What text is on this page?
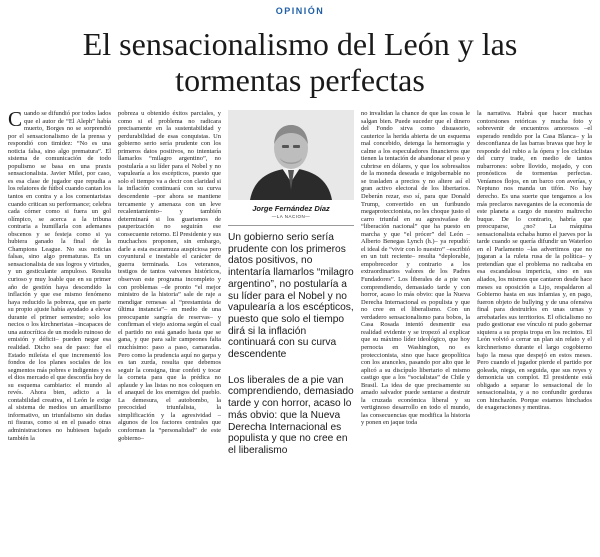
OPINIÓN
El sensacionalismo del León y las tormentas perfectas

Cuando se difundió por todos lados que el autor de “El Aleph” había muerto, Borges no se sorprendió por el sensacionalismo de la prensa y respondió con timidez: “No es una noticia falsa, sino algo prematura”. El sistema de comunicación de todo populismo se basa en una praxis sensacionalista. Javier Milei, por caso, es esa clase de jugador que repudia a los relatores de fútbol cuando cantan los tantos en contra y a los comentaristas cuando critican su performance; celebra cada córner como si fuera un gol olímpico, se acerca a la tribuna contraria a humillarla con ademanes obscenos y se festeja como si ya hubiera ganado la final de la Champions League. No sus noticias falsas, sino algo prematuras. Es un sensacionalista de sus logros y virtudes, y un gesticulante ampuloso. Resulta curioso y muy loable que en su primer año de gestión haya descendido la inflación y que ese mismo fenómeno haya reducido la pobreza, que en parte su propio ajuste había ayudado a elevar durante el primer semestre; solo los necios o los kirchneristas –incapaces de una autocrítica de un modelo ruinoso de emisión y déficit– pueden negar esa realidad. Dicho sea de paso: fue el Estado mileísta el que incrementó los fondos de los planes sociales de los segmentos más pobres e indigentes y es el dios mercado el que desconfía hoy de su esquema cambiario: el mundo al revés. Ahora bien, adicto a la contabilidad creativa, el León le exige al sistema de medios un amarillismo informativo, un triunfalismo sin dudas ni fisuras, como si en el pasado otras administraciones no hubiesen bajado también la

pobreza u obtenido éxitos parciales, y como si el problema no radicara precisamente en la sustentabilidad y perdurabilidad de esas conquistas. Un gobierno serio sería prudente con los primeros datos positivos, no intentaría llamarlos “milagro argentino”, no postularía a su líder para el Nobel y no vapulearía a los escépticos, puesto que solo el tiempo va a decir con claridad si la inflación continuará con su curva descendente –por ahora se mantiene tercamente y amenaza con un leve recalentamiento– y también determinará si los guarismos de pauperización no seguirán ese consecuente retorno. El Presidente y sus muchachos proponen, sin embargo, darle a esta escaramuza auspiciosa pero coyuntural e inestable el carácter de guerra terminada. Los veteranos, testigos de tantos vaivenes históricos, observan este programa incompleto y con problemas –de pronto “el mejor ministro de la historia” sale de raje a mendigar remesas al “prestamista de última instancia”– en medio de una preocupante sangría de reservas– y confirman el viejo axioma según el cual el partido no está ganado hasta que se gana, y que para salir campeones falta muchísimo: paso a paso, camaradas. Pero como la prudencia aquí no garpa y es tan zurda, resulta que debemos seguir la consigna, tirar confeti y tocar la corneta para que la prédica no aplaude y las listas no nos coloquen en el anaquel de los enemigos del pueblo. La demesura, el autobombo, la precocidad triunfalista, la simplificación y la agresividad –algunos de los factores centrales que conforman la “personalidad” de este gobierno–

Jorge Fernández Díaz
—LA NACION—
Un gobierno serio sería prudente con los primeros datos positivos, no intentaría llamarlos “milagro argentino”, no postularía a su líder para el Nobel y no vapulearía a los escépticos, puesto que solo el tiempo dirá si la inflación continuará con su curva descendente
Los liberales de a pie van comprendiendo, demasiado tarde y con horror, acaso lo más obvio: que la Nueva Derecha Internacional es populista y que no cree en el liberalismo

no invalidan la chance de que las cosas le salgan bien. Puede suceder que el dinero del Fondo sirva como disuasorio, cauterice la herida abierta de un esquema mal concebido, detenga la hemorragia y calme a los especuladores financieros que tienen la tentación de abandonar el peso y cubrirse en dólares, y que los sobresaltos de la moneda deseada e inigobernable no se trasladen a precios y no altere así el gran activo electoral de los libertarios. Deberán rezar, eso sí, para que Donald Trump, convertido en un furibundo megaproteccionista, no les choque justo el carro triunfal en su agresivafase de “liberación nacional” que ha puesto en marcha y que “el prócer” del León –Alberto Benegas Lynch (h.)– ya repudió: el ideal de “vivir con lo nuestro” –escribió en un tuit reciente– resulta “deplorable, empobrecedor y contrario a los extraordinarios valores de los Padres Fundadores”. Los liberales de a pie van comprendiendo, demasiado tarde y con horror, acaso lo más obvio: que la Nueva Derecha Internacional es populista y que no cree en el liberalismo. Con un verdadero sensacionalismo para bobos, la Casa Rosada intentó desmentir esa realidad evidente y se tropezó al explicar que su máximo líder ideológico, que hoy pernocta en Washington, no es proteccionista, sino que hace geopolítica con los aranceles, pasando por alto que le aplicó a su discípulo libertario el mismo castigo que a los “socialistas” de Chile y Brasil. La idea de que precisamente su amado salvador puede sentarse a destruir la cruzada económica liberal y su vertiginoso desarrollo en todo el mundo, las consecuencias que modifica la historia y ponen en jaque toda

la narrativa. Habrá que hacer muchas contorsiones retóricas y mucha foto y sobrevenir de encuentros amorosos –el esperado rendido por la Casa Blanca– y la desconfianza de las barras bravas que hoy le responde del rubio a la ópera y los ciclistas del curry trade, en medio de tantos nubarrones: sobre llovido, mojado, y con pronósticos de tormentas perfectas. Veníamos flojos, en un barco con averías, y Neptuno nos manda un tifón. No hay derecho. Es una suerte que tengamos a los más preclaros navegantes de la economía de este planeta a cargo de nuestro maltrecho buque. De lo contrario, habría que preocuparse, ¿no? La máquina sensacionalista echaba humo el jueves por la tarde cuando se quería difundir un Waterloo en el Parlamento –las advertimos que no jugaran a la ruleta rusa de la política– y pretendían que el problema no radicaba en esa escandalosa impericia, sino en sus aliados, los mismos que cantaron desde hace meses su oposición a Lijo, respaldaron al Gobierno hasta en sus infamias y, en pago, fueron objeto de bullying y de una ofensiva final para destruirlos en unas urnas y arrebatarles sus territorios. El oficialismo no pudo gestionar ese vínculo ni pudo gobernar siquiera a su propia tropa en los recintos. El León volvió a cerrar un plan sin relato y el kirchnerismo durante el largo cogobierno bajo la mesa que despejó en estos meses. Pero cuando el jugador pierde el partido por goleada, niega, en seguida, que sus reyes y demonicia un complot. El presidente está obligado a separar lo sensacional de lo sensacionalista, y a no confundir gorduras con hinchazón. Porque estamos hinchados de exageraciones y mentiras.
